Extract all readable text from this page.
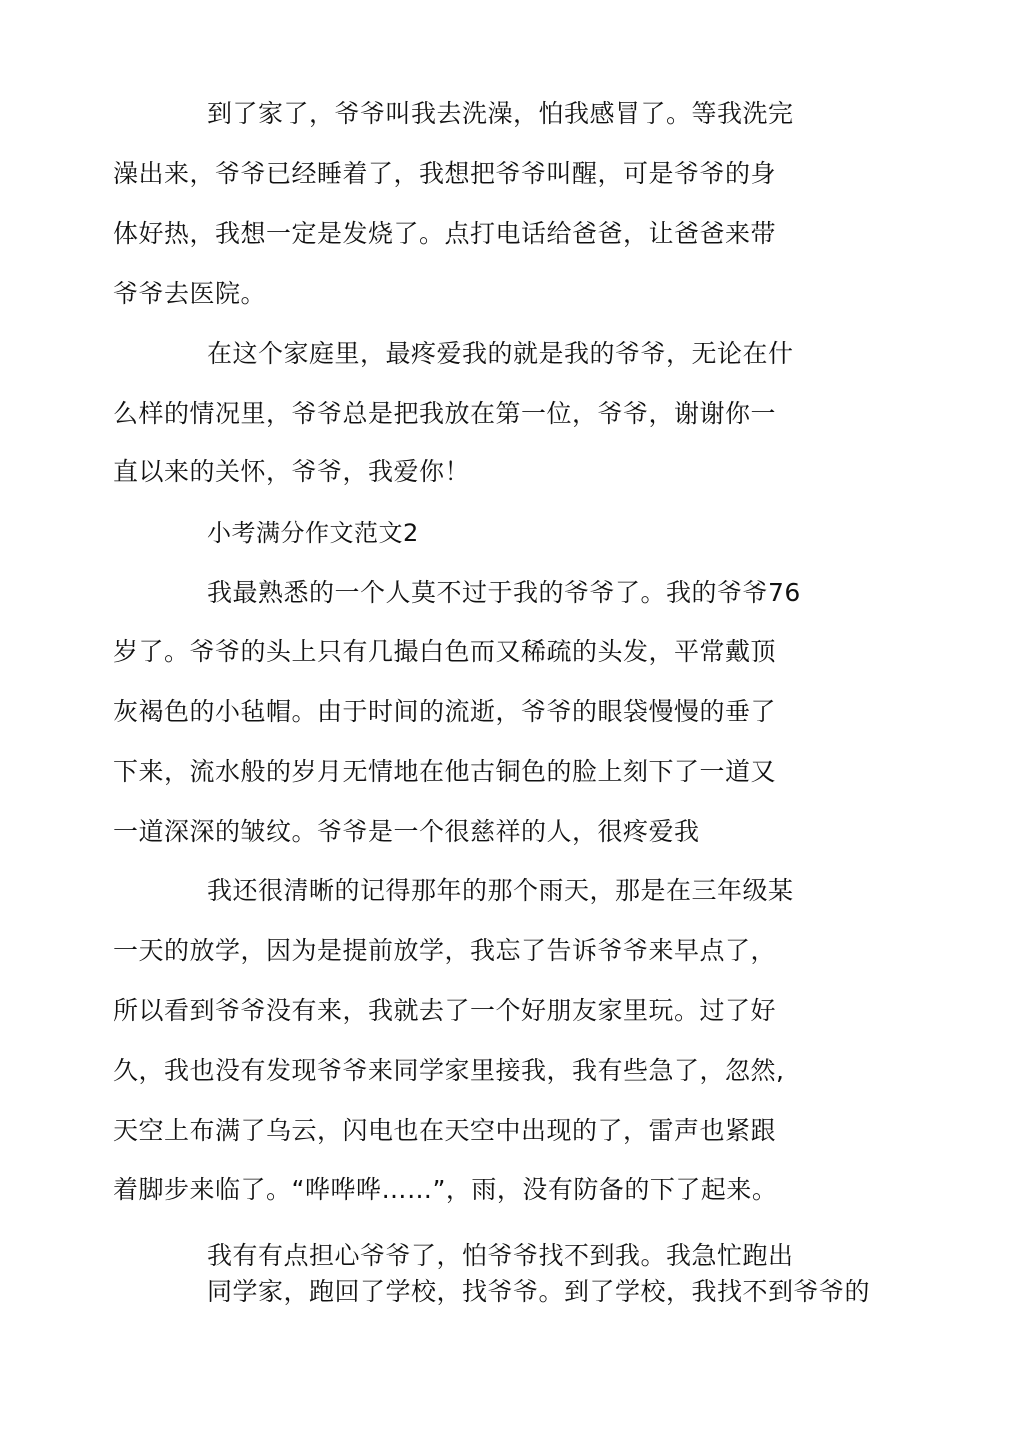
到了家了，爷爷叫我去洗澡，怕我感冒了。等我洗完
澡出来，爷爷已经睡着了，我想把爷爷叫醒，可是爷爷的身
体好热，我想一定是发烧了。点打电话给爸爸，让爸爸来带
爷爷去医院。
在这个家庭里，最疼爱我的就是我的爷爷，无论在什
么样的情况里，爷爷总是把我放在第一位，爷爷，谢谢你一
直以来的关怀，爷爷，我爱你！
小考满分作文范文2
我最熟悉的一个人莫不过于我的爷爷了。我的爷爷76
岁了。爷爷的头上只有几撮白色而又稀疏的头发，平常戴顶
灰褐色的小毡帽。由于时间的流逝，爷爷的眼袋慢慢的垂了
下来，流水般的岁月无情地在他古铜色的脸上刻下了一道又
一道深深的皱纹。爷爷是一个很慈祥的人，很疼爱我
我还很清晰的记得那年的那个雨天，那是在三年级某
一天的放学，因为是提前放学，我忘了告诉爷爷来早点了，
所以看到爷爷没有来，我就去了一个好朋友家里玩。过了好
久，我也没有发现爷爷来同学家里接我，我有些急了，忽然,
天空上布满了乌云，闪电也在天空中出现的了，雷声也紧跟
着脚步来临了。“哗哗哗……”，雨，没有防备的下了起来。
我有有点担心爷爷了，怕爷爷找不到我。我急忙跑出
同学家，跑回了学校，找爷爷。到了学校，我找不到爷爷的
